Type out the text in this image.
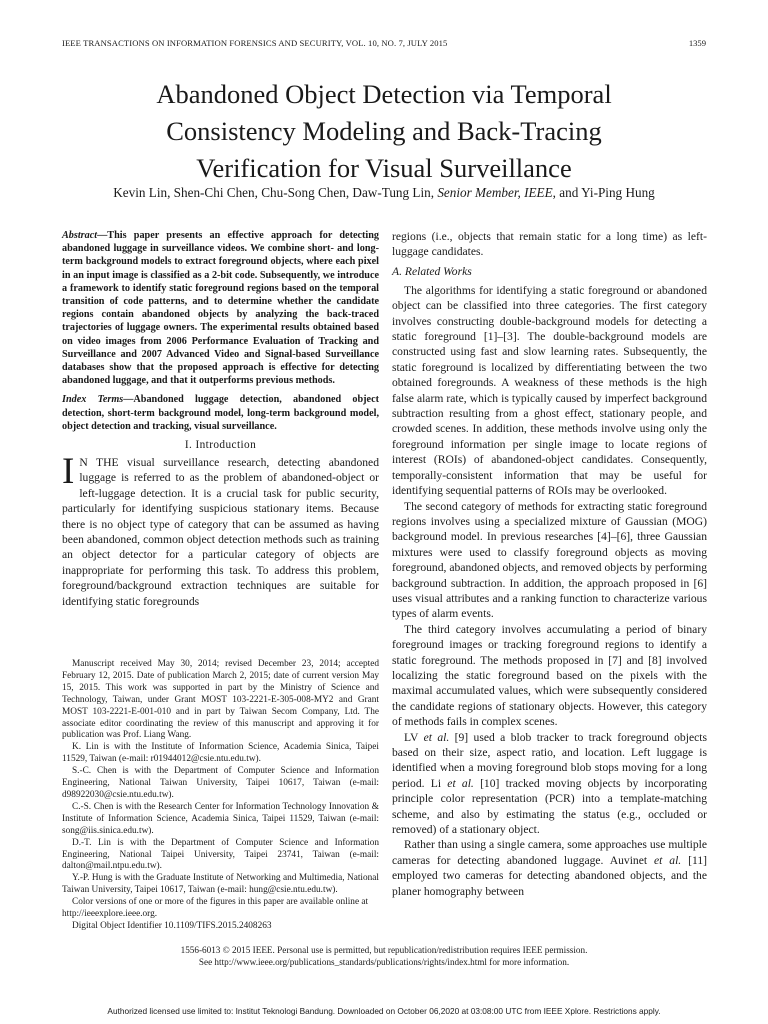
IEEE TRANSACTIONS ON INFORMATION FORENSICS AND SECURITY, VOL. 10, NO. 7, JULY 2015	1359
Abandoned Object Detection via Temporal
Consistency Modeling and Back-Tracing
Verification for Visual Surveillance
Kevin Lin, Shen-Chi Chen, Chu-Song Chen, Daw-Tung Lin, Senior Member, IEEE, and Yi-Ping Hung

Abstract—This paper presents an effective approach for detecting abandoned luggage in surveillance videos. We combine short- and long-term background models to extract foreground objects, where each pixel in an input image is classified as a 2-bit code. Subsequently, we introduce a framework to identify static foreground regions based on the temporal transition of code patterns, and to determine whether the candidate regions contain abandoned objects by analyzing the back-traced trajectories of luggage owners. The experimental results obtained based on video images from 2006 Performance Evaluation of Tracking and Surveillance and 2007 Advanced Video and Signal-based Surveillance databases show that the proposed approach is effective for detecting abandoned luggage, and that it outperforms previous methods.

Index Terms—Abandoned luggage detection, abandoned object detection, short-term background model, long-term background model, object detection and tracking, visual surveillance.

I. Introduction

I N THE visual surveillance research, detecting abandoned luggage is referred to as the problem of abandoned-object or left-luggage detection. It is a crucial task for public security, particularly for identifying suspicious stationary items. Because there is no object type of category that can be assumed as having been abandoned, common object detection methods such as training an object detector for a particular category of objects are inappropriate for performing this task. To address this problem, foreground/background extraction techniques are suitable for identifying static foregrounds

Manuscript received May 30, 2014; revised December 23, 2014; accepted February 12, 2015. Date of publication March 2, 2015; date of current version May 15, 2015. This work was supported in part by the Ministry of Science and Technology, Taiwan, under Grant MOST 103-2221-E-305-008-MY2 and Grant MOST 103-2221-E-001-010 and in part by Taiwan Secom Company, Ltd. The associate editor coordinating the review of this manuscript and approving it for publication was Prof. Liang Wang.

K. Lin is with the Institute of Information Science, Academia Sinica, Taipei 11529, Taiwan (e-mail: r01944012@csie.ntu.edu.tw).

S.-C. Chen is with the Department of Computer Science and Information Engineering, National Taiwan University, Taipei 10617, Taiwan (e-mail: d98922030@csie.ntu.edu.tw).

C.-S. Chen is with the Research Center for Information Technology Innovation & Institute of Information Science, Academia Sinica, Taipei 11529, Taiwan (e-mail: song@iis.sinica.edu.tw).

D.-T. Lin is with the Department of Computer Science and Information Engineering, National Taipei University, Taipei 23741, Taiwan (e-mail: dalton@mail.ntpu.edu.tw).

Y.-P. Hung is with the Graduate Institute of Networking and Multimedia, National Taiwan University, Taipei 10617, Taiwan (e-mail: hung@csie.ntu.edu.tw).

Color versions of one or more of the figures in this paper are available online at http://ieeexplore.ieee.org.

Digital Object Identifier 10.1109/TIFS.2015.2408263

regions (i.e., objects that remain static for a long time) as left-luggage candidates.

A. Related Works

The algorithms for identifying a static foreground or abandoned object can be classified into three categories. The first category involves constructing double-background models for detecting a static foreground [1]–[3]. The double-background models are constructed using fast and slow learning rates. Subsequently, the static foreground is localized by differentiating between the two obtained foregrounds. A weakness of these methods is the high false alarm rate, which is typically caused by imperfect background subtraction resulting from a ghost effect, stationary people, and crowded scenes. In addition, these methods involve using only the foreground information per single image to locate regions of interest (ROIs) of abandoned-object candidates. Consequently, temporally-consistent information that may be useful for identifying sequential patterns of ROIs may be overlooked.

The second category of methods for extracting static foreground regions involves using a specialized mixture of Gaussian (MOG) background model. In previous researches [4]–[6], three Gaussian mixtures were used to classify foreground objects as moving foreground, abandoned objects, and removed objects by performing background subtraction. In addition, the approach proposed in [6] uses visual attributes and a ranking function to characterize various types of alarm events.

The third category involves accumulating a period of binary foreground images or tracking foreground regions to identify a static foreground. The methods proposed in [7] and [8] involved localizing the static foreground based on the pixels with the maximal accumulated values, which were subsequently considered the candidate regions of stationary objects. However, this category of methods fails in complex scenes.

LV et al. [9] used a blob tracker to track foreground objects based on their size, aspect ratio, and location. Left luggage is identified when a moving foreground blob stops moving for a long period. Li et al. [10] tracked moving objects by incorporating principle color representation (PCR) into a template-matching scheme, and also by estimating the status (e.g., occluded or removed) of a stationary object.

Rather than using a single camera, some approaches use multiple cameras for detecting abandoned luggage. Auvinet et al. [11] employed two cameras for detecting abandoned objects, and the planer homography between

1556-6013 © 2015 IEEE. Personal use is permitted, but republication/redistribution requires IEEE permission.
See http://www.ieee.org/publications_standards/publications/rights/index.html for more information.
Authorized licensed use limited to: Institut Teknologi Bandung. Downloaded on October 06,2020 at 03:08:00 UTC from IEEE Xplore. Restrictions apply.
